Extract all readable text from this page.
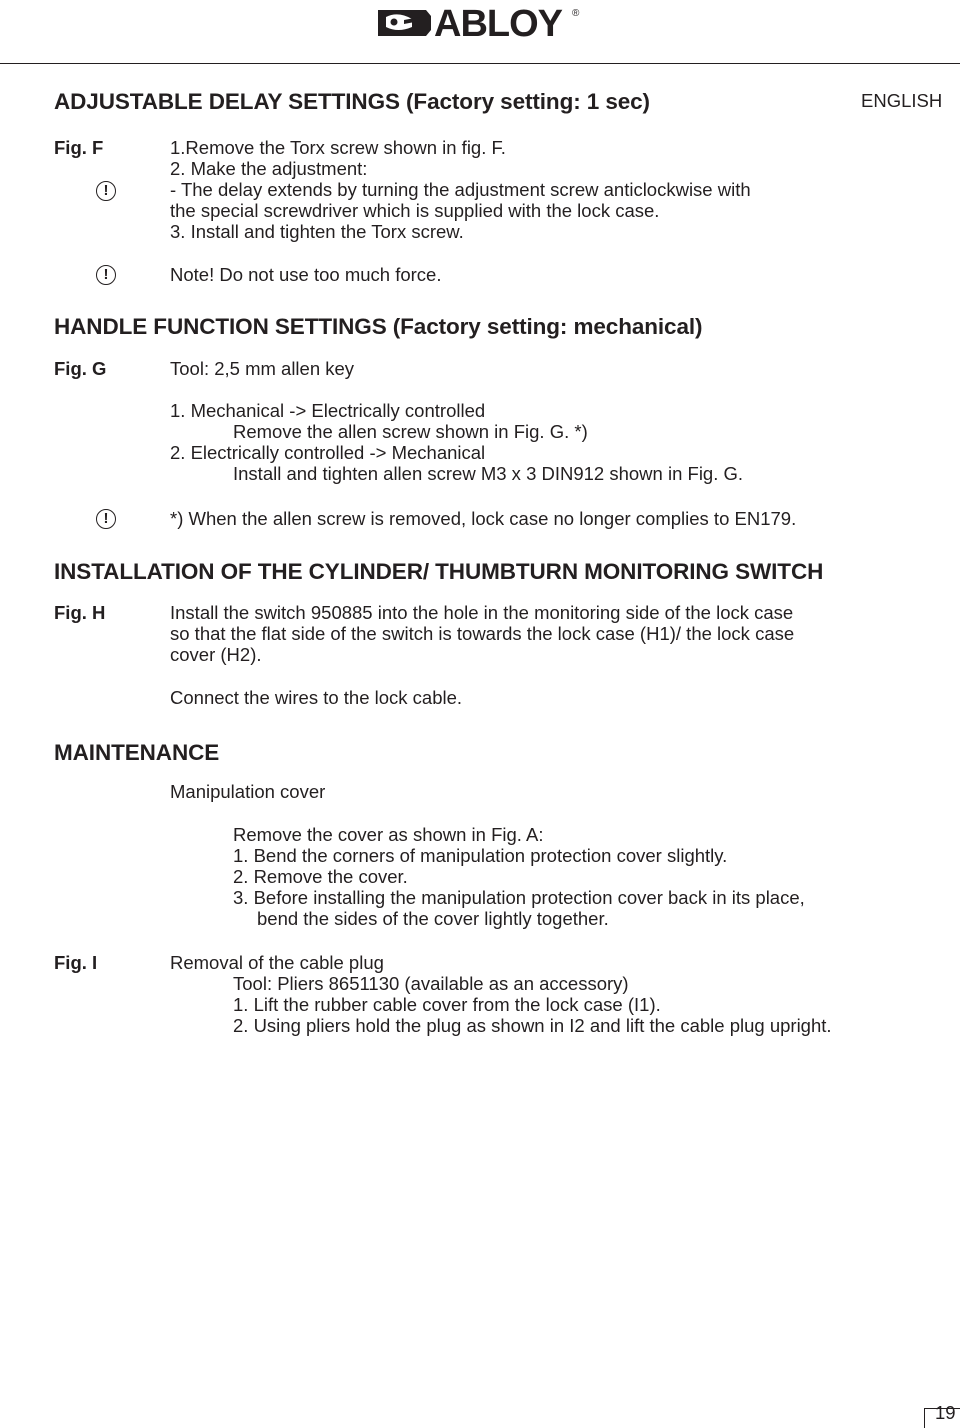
ABLOY ®
ENGLISH
ADJUSTABLE DELAY SETTINGS (Factory setting: 1 sec)
Fig. F
!
1.Remove the Torx screw shown in fig. F.
2. Make the adjustment:
- The delay extends by turning the adjustment screw anticlockwise with
the special screwdriver which is supplied with the lock case.
3. Install and tighten the Torx screw.
!	Note! Do not use too much force.
HANDLE FUNCTION SETTINGS (Factory setting: mechanical)
Fig. G	Tool: 2,5 mm allen key
1. Mechanical -> Electrically controlled
Remove the allen screw shown in Fig. G. *)
2. Electrically controlled -> Mechanical
Install and tighten allen screw M3 x 3 DIN912 shown in Fig. G.
!	*) When the allen screw is removed, lock case no longer complies to EN179.
INSTALLATION OF THE CYLINDER/ THUMBTURN MONITORING SWITCH
Fig. H	Install the switch 950885 into the hole in the monitoring side of the lock case
so that the flat side of the switch is towards the lock case (H1)/ the lock case
cover (H2).
Connect the wires to the lock cable.
MAINTENANCE
Manipulation cover
Remove the cover as shown in Fig. A:
1. Bend the corners of manipulation protection cover slightly.
2. Remove the cover.
3. Before installing the manipulation protection cover back in its place,
bend the sides of the cover lightly together.
Fig. I	Removal of the cable plug
Tool: Pliers 8651130 (available as an accessory)
1. Lift the rubber cable cover from the lock case (I1).
2. Using pliers hold the plug as shown in I2 and lift the cable plug upright.
19
